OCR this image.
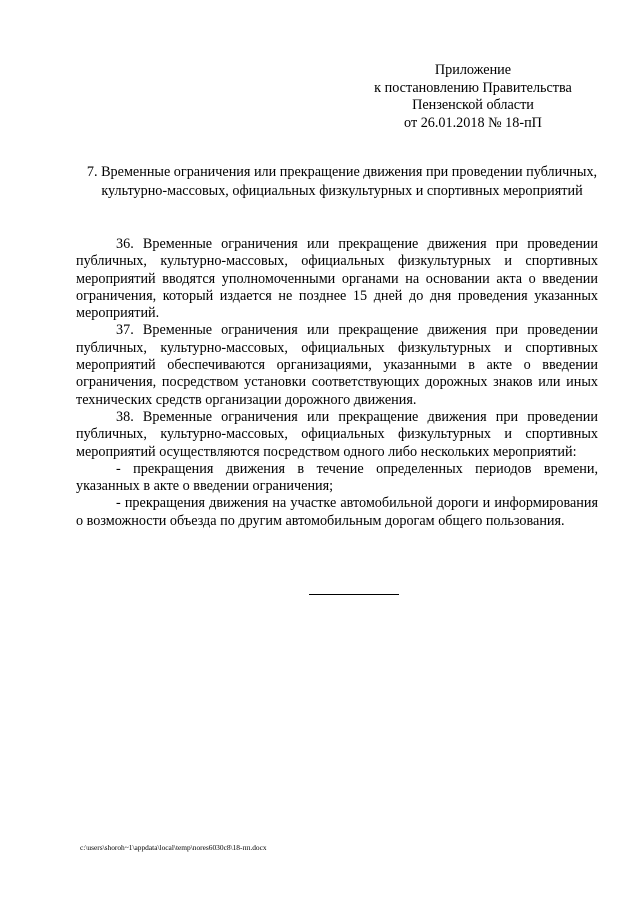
Приложение
к постановлению Правительства
Пензенской области
от 26.01.2018 № 18-пП
7. Временные ограничения или прекращение движения при проведении публичных, культурно-массовых, официальных физкультурных и спортивных мероприятий

36. Временные ограничения или прекращение движения при проведении публичных, культурно-массовых, официальных физкультурных и спортивных мероприятий вводятся уполномоченными органами на основании акта о введении ограничения, который издается не позднее 15 дней до дня проведения указанных мероприятий.

37. Временные ограничения или прекращение движения при проведении публичных, культурно-массовых, официальных физкультурных и спортивных мероприятий обеспечиваются организациями, указанными в акте о введении ограничения, посредством установки соответствующих дорожных знаков или иных технических средств организации дорожного движения.

38. Временные ограничения или прекращение движения при проведении публичных, культурно-массовых, официальных физкультурных и спортивных мероприятий осуществляются посредством одного либо нескольких мероприятий:

- прекращения движения в течение определенных периодов времени, указанных в акте о введении ограничения;

- прекращения движения на участке автомобильной дороги и информирования о возможности объезда по другим автомобильным дорогам общего пользования.

c:\users\shoroh~1\appdata\local\temp\nores6030c8\18-пп.docx
